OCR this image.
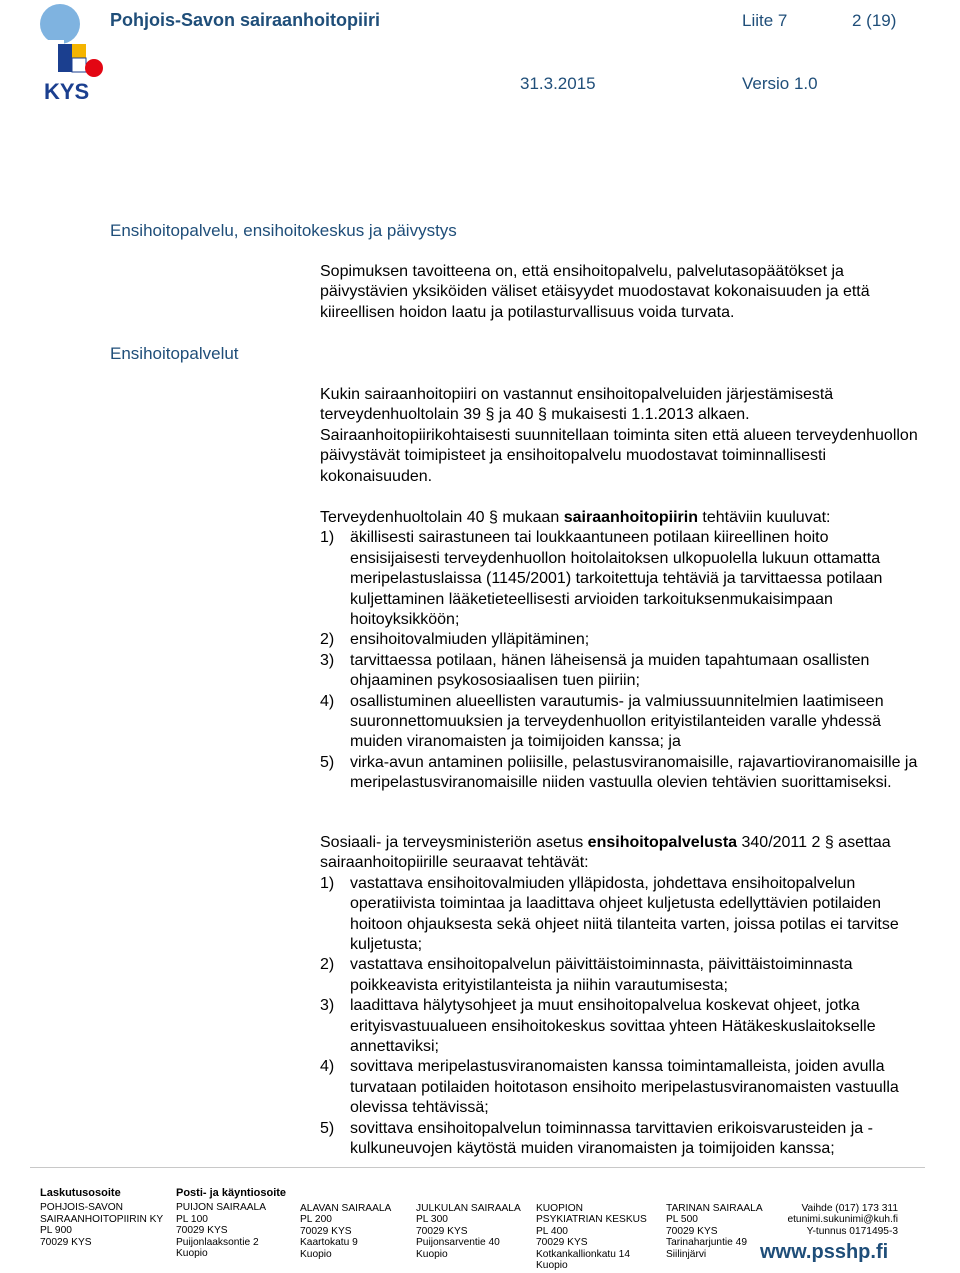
KYS
Pohjois-Savon sairaanhoitopiiri	Liite 7	2 (19)
31.3.2015	Versio 1.0
Ensihoitopalvelu, ensihoitokeskus ja päivystys
Ensihoitopalvelut

Sopimuksen tavoitteena on, että ensihoitopalvelu, palvelutasopäätökset ja päivystävien yksiköiden väliset etäisyydet muodostavat kokonaisuuden ja että kiireellisen hoidon laatu ja potilasturvallisuus voida turvata.

Kukin sairaanhoitopiiri on vastannut ensihoitopalveluiden järjestämisestä terveydenhuoltolain 39 § ja 40 § mukaisesti 1.1.2013 alkaen.

Sairaanhoitopiirikohtaisesti suunnitellaan toiminta siten että alueen terveydenhuollon päivystävät toimipisteet ja ensihoitopalvelu muodostavat toiminnallisesti kokonaisuuden.

Terveydenhuoltolain 40 § mukaan sairaanhoitopiirin tehtäviin kuuluvat:

1) äkillisesti sairastuneen tai loukkaantuneen potilaan kiireellinen hoito ensisijaisesti terveydenhuollon hoitolaitoksen ulkopuolella lukuun ottamatta meripelastuslaissa (1145/2001) tarkoitettuja tehtäviä ja tarvittaessa potilaan kuljettaminen lääketieteellisesti arvioiden tarkoituksenmukaisimpaan hoitoyksikköön;
2) ensihoitovalmiuden ylläpitäminen;
3) tarvittaessa potilaan, hänen läheisensä ja muiden tapahtumaan osallisten ohjaaminen psykososiaalisen tuen piiriin;
4) osallistuminen alueellisten varautumis- ja valmiussuunnitelmien laatimiseen suuronnettomuuksien ja terveydenhuollon erityistilanteiden varalle yhdessä muiden viranomaisten ja toimijoiden kanssa; ja
5) virka-avun antaminen poliisille, pelastusviranomaisille, rajavartioviranomaisille ja meripelastusviranomaisille niiden vastuulla olevien tehtävien suorittamiseksi.

Sosiaali- ja terveysministeriön asetus ensihoitopalvelusta 340/2011 2 § asettaa sairaanhoitopiirille seuraavat tehtävät:

1) vastattava ensihoitovalmiuden ylläpidosta, johdettava ensihoitopalvelun operatiivista toimintaa ja laadittava ohjeet kuljetusta edellyttävien potilaiden hoitoon ohjauksesta sekä ohjeet niitä tilanteita varten, joissa potilas ei tarvitse kuljetusta;
2) vastattava ensihoitopalvelun päivittäistoiminnasta, päivittäistoiminnasta poikkeavista erityistilanteista ja niihin varautumisesta;
3) laadittava hälytysohjeet ja muut ensihoitopalvelua koskevat ohjeet, jotka erityisvastuualueen ensihoitokeskus sovittaa yhteen Hätäkeskuslaitokselle annettaviksi;
4) sovittava meripelastusviranomaisten kanssa toimintamalleista, joiden avulla turvataan potilaiden hoitotason ensihoito meripelastusviranomaisten vastuulla olevissa tehtävissä;
5) sovittava ensihoitopalvelun toiminnassa tarvittavien erikoisvarusteiden ja -kulkuneuvojen käytöstä muiden viranomaisten ja toimijoiden kanssa;
Laskutusosoite
POHJOIS-SAVON
SAIRAANHOITOPIIRIN KY
PL 900
70029 KYS
Posti- ja käyntiosoite
PUIJON SAIRAALA
PL 100
70029 KYS
Puijonlaaksontie 2
Kuopio
ALAVAN SAIRAALA
PL 200
70029 KYS
Kaartokatu 9
Kuopio
JULKULAN SAIRAALA
PL 300
70029 KYS
Puijonsarventie 40
Kuopio
KUOPION
PSYKIATRIAN KESKUS
PL 400
70029 KYS
Kotkankallionkatu 14
Kuopio
TARINAN SAIRAALA
PL 500
70029 KYS
Tarinaharjuntie 49
Siilinjärvi
Vaihde (017) 173 311
etunimi.sukunimi@kuh.fi
Y-tunnus 0171495-3
www.psshp.fi
